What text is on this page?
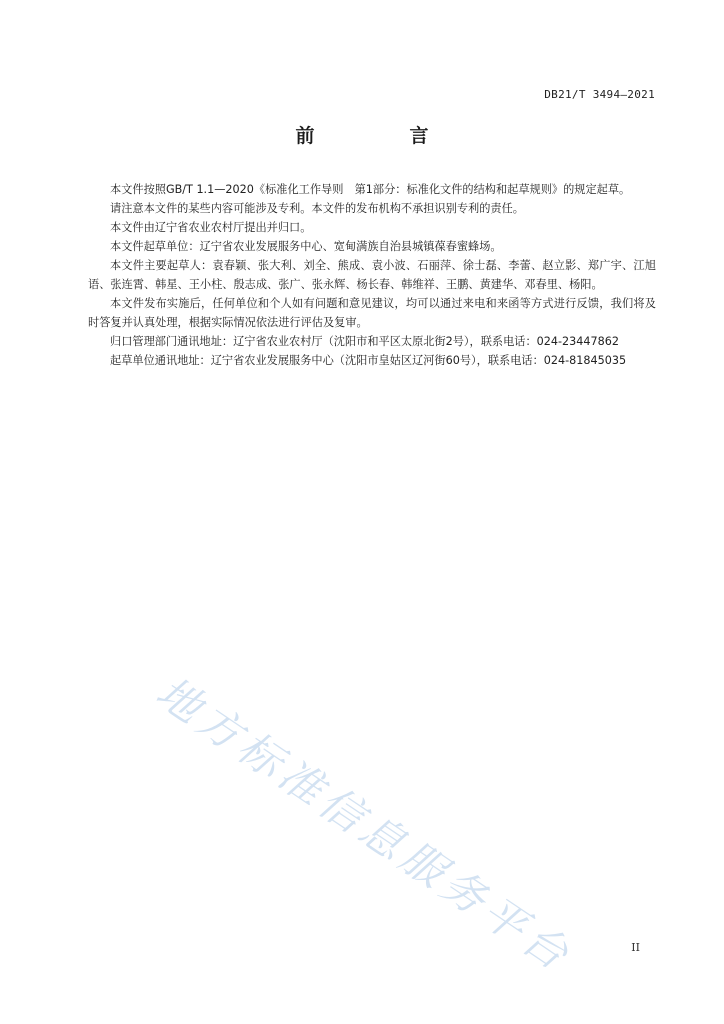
DB21/T 3494—2021
前　言

本文件按照GB/T 1.1—2020《标准化工作导则　第1部分：标准化文件的结构和起草规则》的规定起草。

请注意本文件的某些内容可能涉及专利。本文件的发布机构不承担识别专利的责任。

本文件由辽宁省农业农村厅提出并归口。

本文件起草单位：辽宁省农业发展服务中心、宽甸满族自治县城镇葆春蜜蜂场。

本文件主要起草人：袁春颖、张大利、刘全、熊成、袁小波、石丽萍、徐士磊、李蕾、赵立影、郑广宇、江旭语、张连霄、韩星、王小柱、殷志成、张广、张永辉、杨长春、韩维祥、王鹏、黄建华、邓春里、杨阳。

本文件发布实施后，任何单位和个人如有问题和意见建议，均可以通过来电和来函等方式进行反馈，我们将及时答复并认真处理，根据实际情况依法进行评估及复审。

归口管理部门通讯地址：辽宁省农业农村厅（沈阳市和平区太原北街2号），联系电话：024-23447862

起草单位通讯地址：辽宁省农业发展服务中心（沈阳市皇姑区辽河街60号），联系电话：024-81845035

地方标准信息服务平台	II
